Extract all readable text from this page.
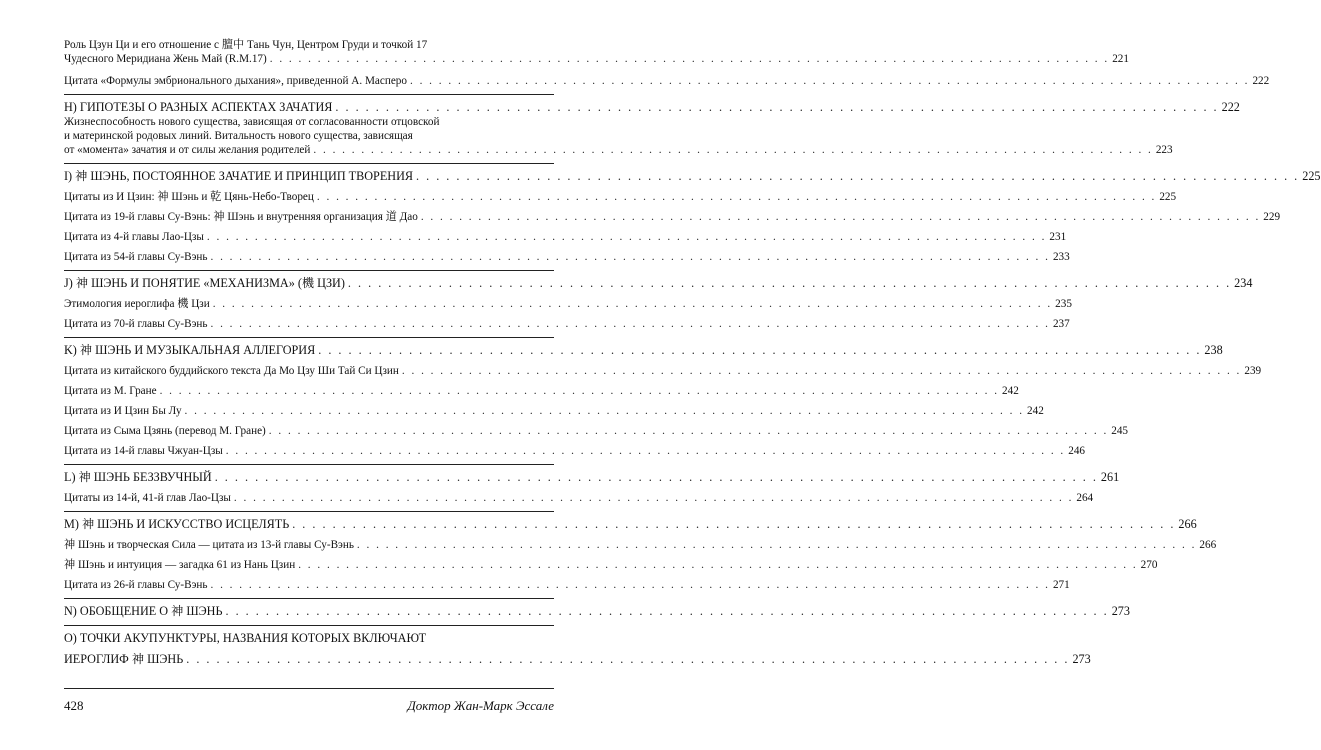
Роль Цзун Ци и его отношение с 膻中 Тань Чун, Центром Груди и точкой 17
Чудесного Меридиана Жень Май (R.M.17) . . .	221
Цитата «Формулы эмбрионального дыхания», приведенной А. Масперо . . .	222
H) ГИПОТЕЗЫ О РАЗНЫХ АСПЕКТАХ ЗАЧАТИЯ . . .	222
Жизнеспособность нового существа, зависящая от согласованности отцовской
и материнской родовых линий. Витальность нового существа, зависящая
от «момента» зачатия и от силы желания родителей . . .	223
I) 神 ШЭНЬ, ПОСТОЯННОЕ ЗАЧАТИЕ И ПРИНЦИП ТВОРЕНИЯ . . .	225
Цитаты из И Цзин: 神 Шэнь и 乾 Цянь-Небо-Творец . . .	225
Цитата из 19-й главы Су-Вэнь: 神 Шэнь и внутренняя организация 道 Дао . . .	229
Цитата из 4-й главы Лао-Цзы . . .	231
Цитата из 54-й главы Су-Вэнь . . .	233
J) 神 ШЭНЬ И ПОНЯТИЕ «МЕХАНИЗМА» (機 ЦЗИ) . . .	234
Этимология иероглифа 機 Цзи . . .	235
Цитата из 70-й главы Су-Вэнь . . .	237
K) 神 ШЭНЬ И МУЗЫКАЛЬНАЯ АЛЛЕГОРИЯ . . .	238
Цитата из китайского буддийского текста Да Мо Цзу Ши Тай Си Цзин . . .	239
Цитата из М. Гране . . .	242
Цитата из И Цзин Бы Лу . . .	242
Цитата из Сыма Цзянь (перевод М. Гране) . . .	245
Цитата из 14-й главы Чжуан-Цзы . . .	246
L) 神 ШЭНЬ БЕЗЗВУЧНЫЙ . . .	261
Цитаты из 14-й, 41-й глав Лао-Цзы . . .	264
M) 神 ШЭНЬ И ИСКУССТВО ИСЦЕЛЯТЬ . . .	266
神 Шэнь и творческая Сила — цитата из 13-й главы Су-Вэнь . . .	266
神 Шэнь и интуиция — загадка 61 из Нань Цзин . . .	270
Цитата из 26-й главы Су-Вэнь . . .	271
N) ОБОБЩЕНИЕ О 神 ШЭНЬ . . .	273
O) ТОЧКИ АКУПУНКТУРЫ, НАЗВАНИЯ КОТОРЫХ ВКЛЮЧАЮТ
ИЕРОГЛИФ 神 ШЭНЬ . . .	273
428	Доктор Жан-Марк Эссале
